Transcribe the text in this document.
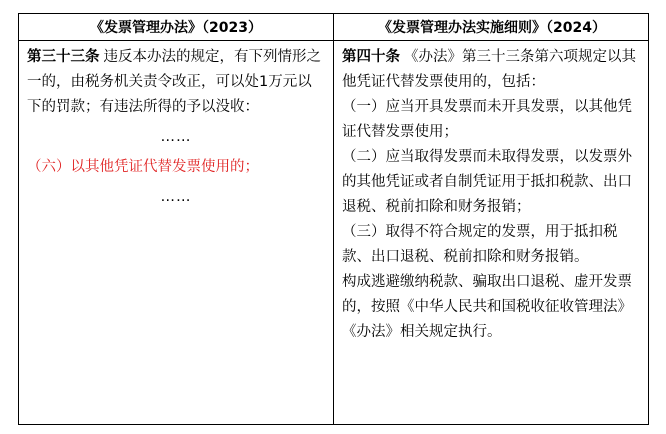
《发票管理办法》（2023）	《发票管理办法实施细则》（2024）

第三十三条 违反本办法的规定，有下列情形之一的，由税务机关责令改正，可以处1万元以下的罚款；有违法所得的予以没收：

……

（六）以其他凭证代替发票使用的；

……

第四十条 《办法》第三十三条第六项规定以其他凭证代替发票使用的，包括：

（一）应当开具发票而未开具发票，以其他凭证代替发票使用；

（二）应当取得发票而未取得发票，以发票外的其他凭证或者自制凭证用于抵扣税款、出口退税、税前扣除和财务报销；

（三）取得不符合规定的发票，用于抵扣税款、出口退税、税前扣除和财务报销。

构成逃避缴纳税款、骗取出口退税、虚开发票的，按照《中华人民共和国税收征收管理法》《办法》相关规定执行。
